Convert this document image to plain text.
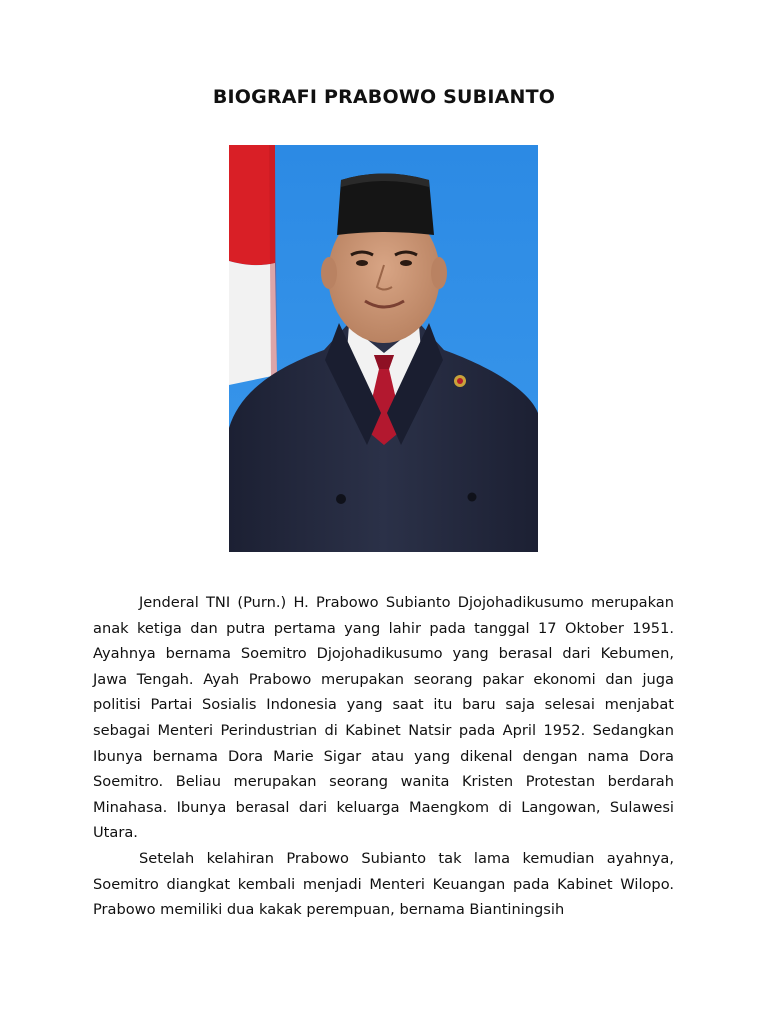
BIOGRAFI PRABOWO SUBIANTO

Jenderal TNI (Purn.) H. Prabowo Subianto Djojohadikusumo merupakan anak ketiga dan putra pertama yang lahir pada tanggal 17 Oktober 1951. Ayahnya bernama Soemitro Djojohadikusumo yang berasal dari Kebumen, Jawa Tengah. Ayah Prabowo merupakan seorang pakar ekonomi dan juga politisi Partai Sosialis Indonesia yang saat itu baru saja selesai menjabat sebagai Menteri Perindustrian di Kabinet Natsir pada April 1952. Sedangkan Ibunya bernama Dora Marie Sigar atau yang dikenal dengan nama Dora Soemitro. Beliau merupakan seorang wanita Kristen Protestan berdarah Minahasa. Ibunya berasal dari keluarga Maengkom di Langowan, Sulawesi Utara.

Setelah kelahiran Prabowo Subianto tak lama kemudian ayahnya, Soemitro diangkat kembali menjadi Menteri Keuangan pada Kabinet Wilopo. Prabowo memiliki dua kakak perempuan, bernama Biantiningsih
